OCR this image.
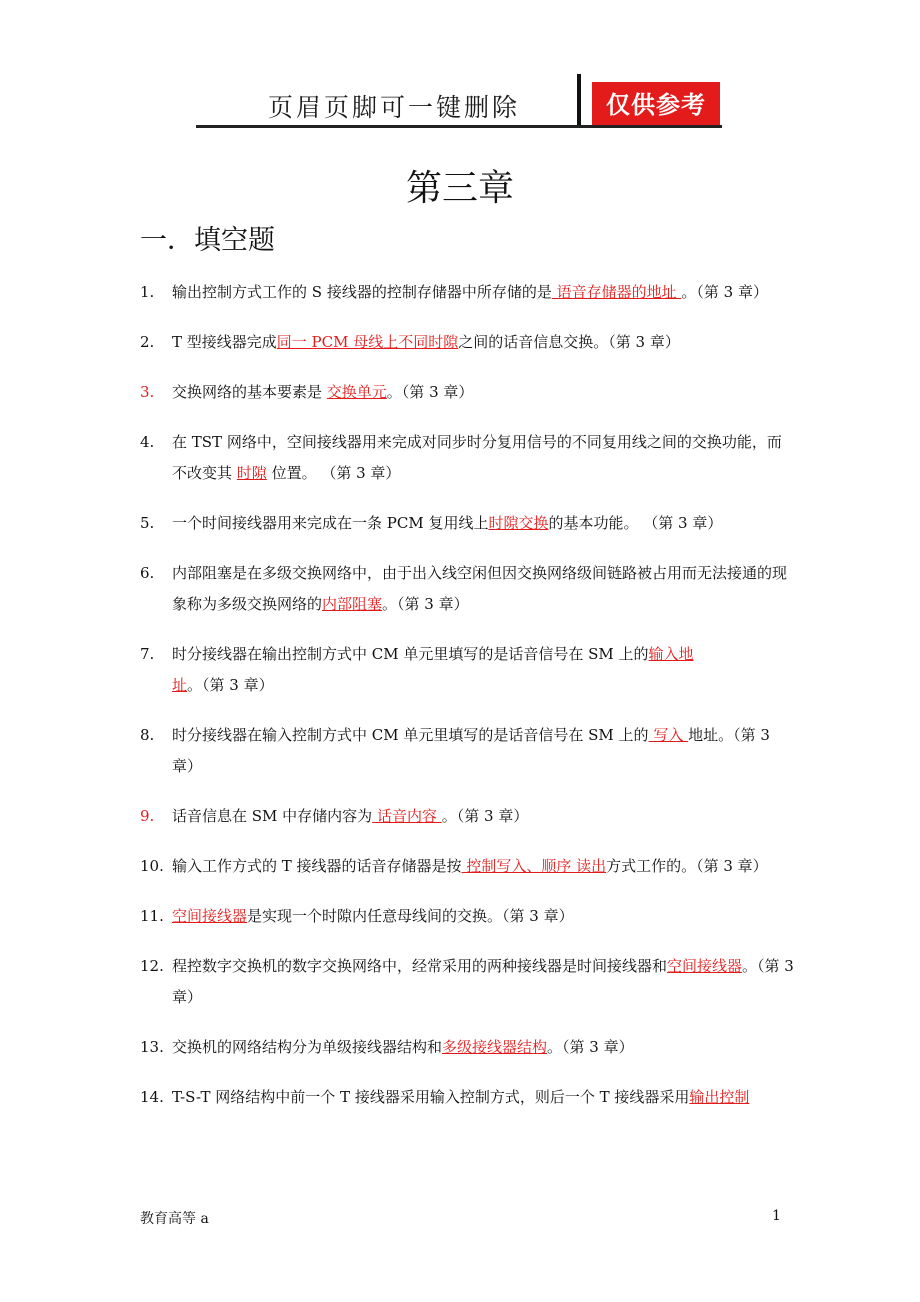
页眉页脚可一键删除	仅供参考
第三章
一．填空题
1. 输出控制方式工作的 S 接线器的控制存储器中所存储的是 语音存储器的地址 。（第 3 章）
2. T 型接线器完成同一 PCM 母线上不同时隙之间的话音信息交换。（第 3 章）
3. 交换网络的基本要素是 交换单元。（第 3 章）
4. 在 TST 网络中，空间接线器用来完成对同步时分复用信号的不同复用线之间的交换功能，而不改变其 时隙 位置。 （第 3 章）
5. 一个时间接线器用来完成在一条 PCM 复用线上时隙交换的基本功能。 （第 3 章）
6. 内部阻塞是在多级交换网络中，由于出入线空闲但因交换网络级间链路被占用而无法接通的现象称为多级交换网络的内部阻塞。（第 3 章）
7. 时分接线器在输出控制方式中 CM 单元里填写的是话音信号在 SM 上的输入地址。（第 3 章）
8. 时分接线器在输入控制方式中 CM 单元里填写的是话音信号在 SM 上的 写入 地址。（第 3 章）
9. 话音信息在 SM 中存储内容为 话音内容 。（第 3 章）
10. 输入工作方式的 T 接线器的话音存储器是按 控制写入、顺序 读出方式工作的。（第 3 章）
11. 空间接线器是实现一个时隙内任意母线间的交换。（第 3 章）
12. 程控数字交换机的数字交换网络中，经常采用的两种接线器是时间接线器和空间接线器。（第 3 章）
13. 交换机的网络结构分为单级接线器结构和多级接线器结构。（第 3 章）
14. T-S-T 网络结构中前一个 T 接线器采用输入控制方式，则后一个 T 接线器采用输出控制
教育高等 a	1
